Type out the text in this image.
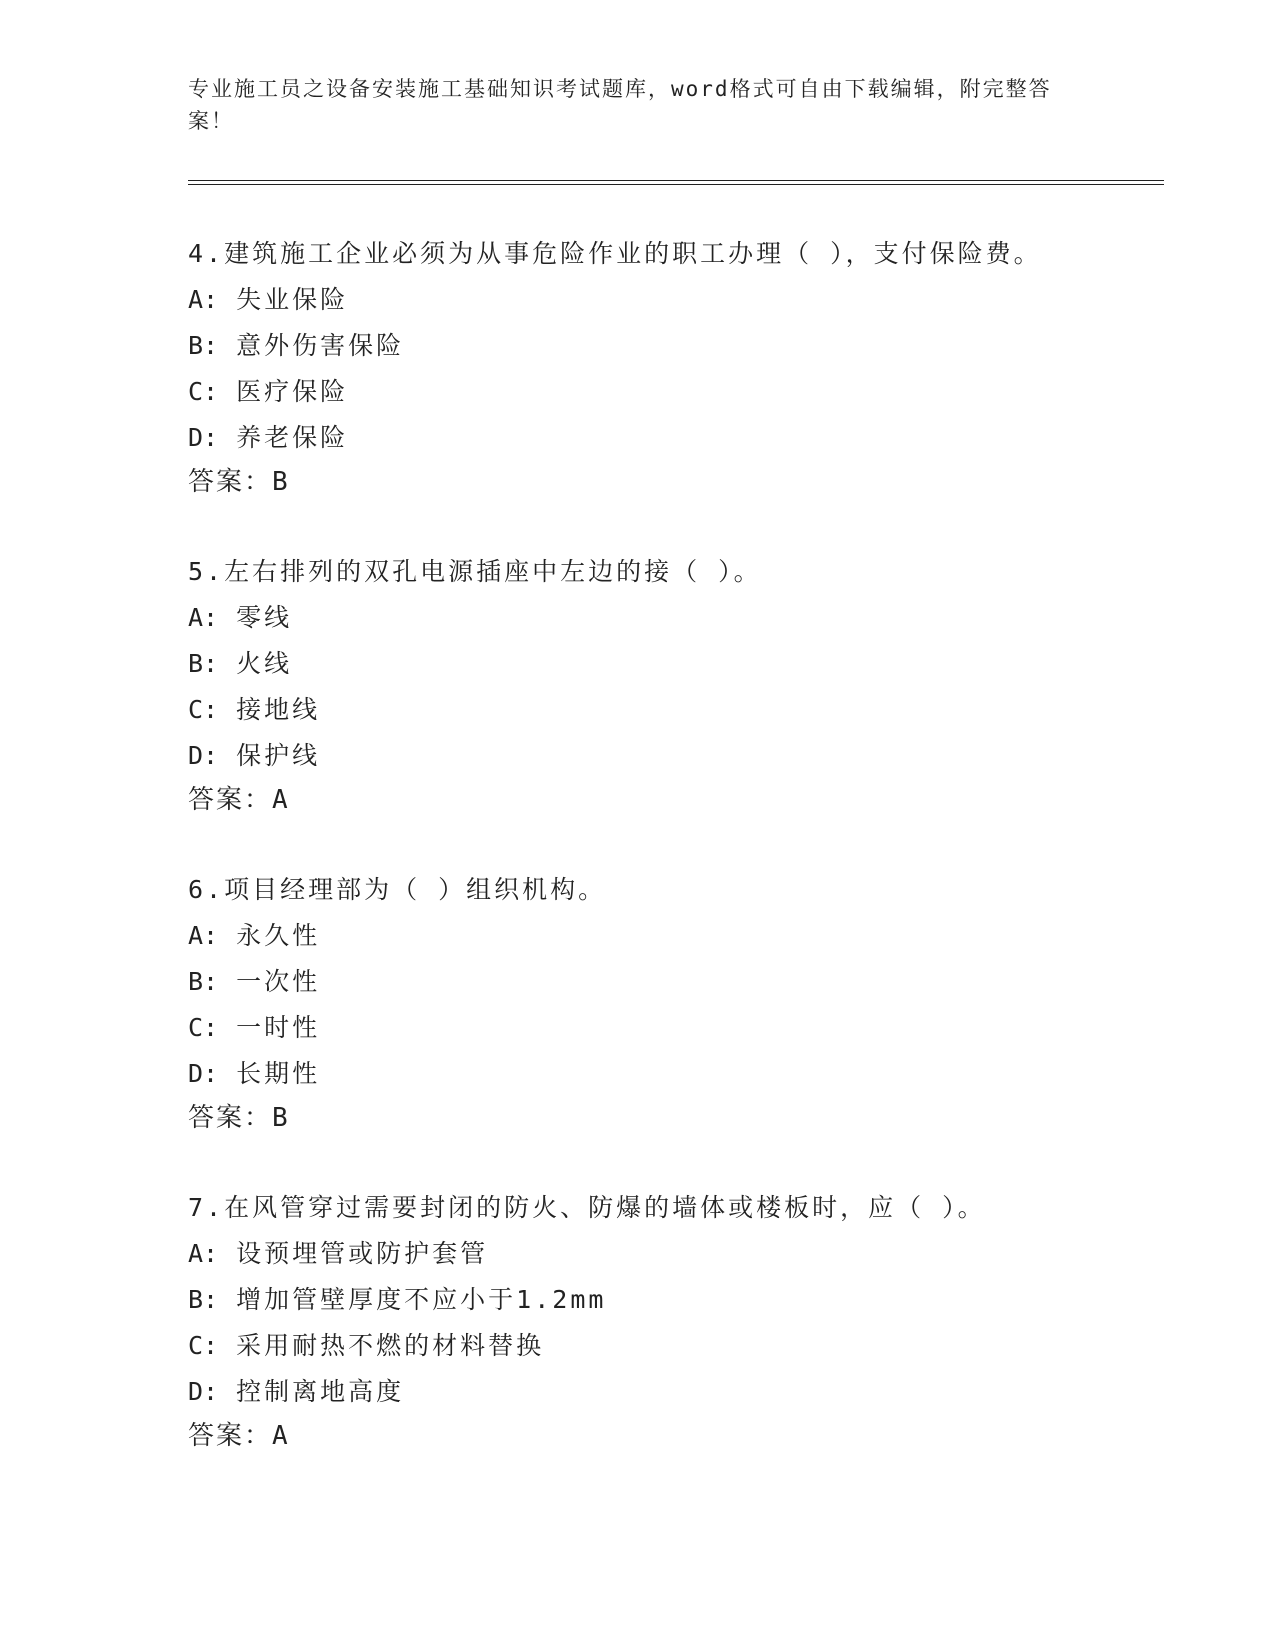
专业施工员之设备安装施工基础知识考试题库，word格式可自由下载编辑，附完整答案！
4.建筑施工企业必须为从事危险作业的职工办理（ ），支付保险费。
A: 失业保险
B: 意外伤害保险
C: 医疗保险
D: 养老保险
答案：B
5.左右排列的双孔电源插座中左边的接（ ）。
A: 零线
B: 火线
C: 接地线
D: 保护线
答案：A
6.项目经理部为（ ）组织机构。
A: 永久性
B: 一次性
C: 一时性
D: 长期性
答案：B
7.在风管穿过需要封闭的防火、防爆的墙体或楼板时，应（ ）。
A: 设预埋管或防护套管
B: 增加管壁厚度不应小于1.2mm
C: 采用耐热不燃的材料替换
D: 控制离地高度
答案：A
